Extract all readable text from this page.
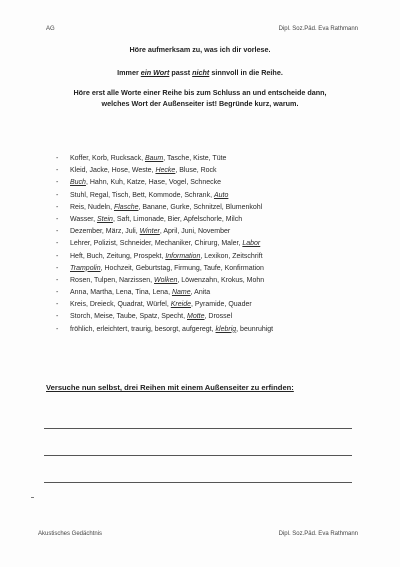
AG	Dipl. Soz.Päd. Eva Rathmann
Höre aufmerksam zu, was ich dir vorlese.
Immer ein Wort passt nicht sinnvoll in die Reihe.
Höre erst alle Worte einer Reihe bis zum Schluss an und entscheide dann,
welches Wort der Außenseiter ist! Begründe kurz, warum.
- Koffer, Korb, Rucksack, Baum, Tasche, Kiste, Tüte
- Kleid, Jacke, Hose, Weste, Hecke, Bluse, Rock
- Buch, Hahn, Kuh, Katze, Hase, Vogel, Schnecke
- Stuhl, Regal, Tisch, Bett, Kommode, Schrank, Auto
- Reis, Nudeln, Flasche, Banane, Gurke, Schnitzel, Blumenkohl
- Wasser, Stein, Saft, Limonade, Bier, Apfelschorle, Milch
- Dezember, März, Juli, Winter, April, Juni, November
- Lehrer, Polizist, Schneider, Mechaniker, Chirurg, Maler, Labor
- Heft, Buch, Zeitung, Prospekt, Information, Lexikon, Zeitschrift
- Trampolin, Hochzeit, Geburtstag, Firmung, Taufe, Konfirmation
- Rosen, Tulpen, Narzissen, Wolken, Löwenzahn, Krokus, Mohn
- Anna, Martha, Lena, Tina, Lena, Name, Anita
- Kreis, Dreieck, Quadrat, Würfel, Kreide, Pyramide, Quader
- Storch, Meise, Taube, Spatz, Specht, Motte, Drossel
- fröhlich, erleichtert, traurig, besorgt, aufgeregt, klebrig, beunruhigt
Versuche nun selbst, drei Reihen mit einem Außenseiter zu erfinden:
Akustisches Gedächtnis	Dipl. Soz.Päd. Eva Rathmann
